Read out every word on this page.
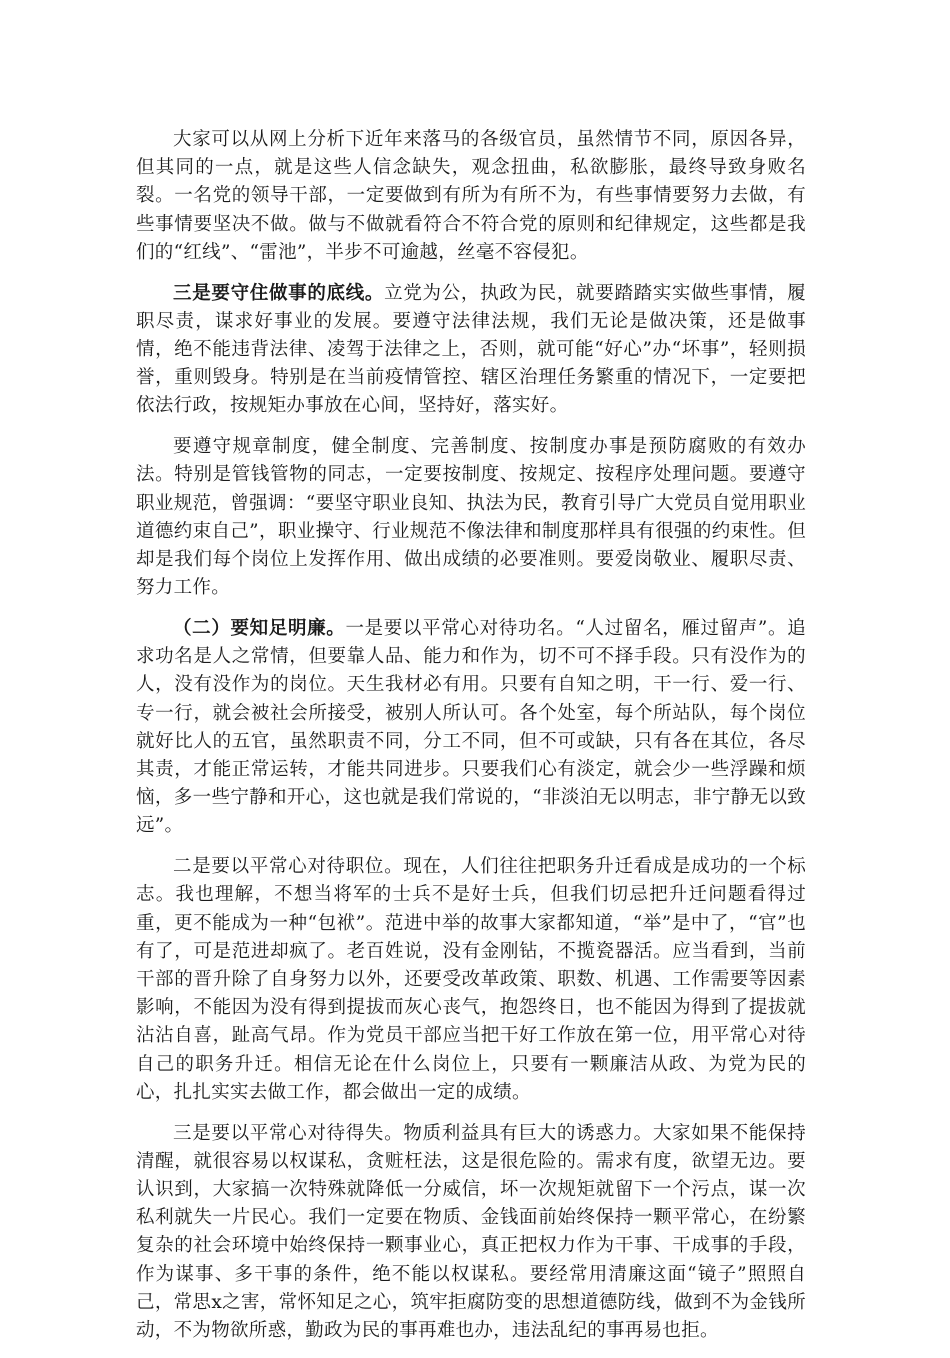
大家可以从网上分析下近年来落马的各级官员，虽然情节不同，原因各异，但其同的一点，就是这些人信念缺失，观念扭曲，私欲膨胀，最终导致身败名裂。一名党的领导干部，一定要做到有所为有所不为，有些事情要努力去做，有些事情要坚决不做。做与不做就看符合不符合党的原则和纪律规定，这些都是我们的“红线”、“雷池”，半步不可逾越，丝毫不容侵犯。

三是要守住做事的底线。立党为公，执政为民，就要踏踏实实做些事情，履职尽责，谋求好事业的发展。要遵守法律法规，我们无论是做决策，还是做事情，绝不能违背法律、凌驾于法律之上，否则，就可能“好心”办“坏事”，轻则损誉，重则毁身。特别是在当前疫情管控、辖区治理任务繁重的情况下，一定要把依法行政，按规矩办事放在心间，坚持好，落实好。

要遵守规章制度，健全制度、完善制度、按制度办事是预防腐败的有效办法。特别是管钱管物的同志，一定要按制度、按规定、按程序处理问题。要遵守职业规范，曾强调：“要坚守职业良知、执法为民，教育引导广大党员自觉用职业道德约束自己”，职业操守、行业规范不像法律和制度那样具有很强的约束性。但却是我们每个岗位上发挥作用、做出成绩的必要准则。要爱岗敬业、履职尽责、努力工作。

（二）要知足明廉。一是要以平常心对待功名。“人过留名，雁过留声”。追求功名是人之常情，但要靠人品、能力和作为，切不可不择手段。只有没作为的人，没有没作为的岗位。天生我材必有用。只要有自知之明，干一行、爱一行、专一行，就会被社会所接受，被别人所认可。各个处室，每个所站队，每个岗位就好比人的五官，虽然职责不同，分工不同，但不可或缺，只有各在其位，各尽其责，才能正常运转，才能共同进步。只要我们心有淡定，就会少一些浮躁和烦恼，多一些宁静和开心，这也就是我们常说的，“非淡泊无以明志，非宁静无以致远”。

二是要以平常心对待职位。现在，人们往往把职务升迁看成是成功的一个标志。我也理解，不想当将军的士兵不是好士兵，但我们切忌把升迁问题看得过重，更不能成为一种“包袱”。范进中举的故事大家都知道，“举”是中了，“官”也有了，可是范进却疯了。老百姓说，没有金刚钻，不揽瓷器活。应当看到，当前干部的晋升除了自身努力以外，还要受改革政策、职数、机遇、工作需要等因素影响，不能因为没有得到提拔而灰心丧气，抱怨终日，也不能因为得到了提拔就沾沾自喜，趾高气昂。作为党员干部应当把干好工作放在第一位，用平常心对待自己的职务升迁。相信无论在什么岗位上，只要有一颗廉洁从政、为党为民的心，扎扎实实去做工作，都会做出一定的成绩。

三是要以平常心对待得失。物质利益具有巨大的诱惑力。大家如果不能保持清醒，就很容易以权谋私，贪赃枉法，这是很危险的。需求有度，欲望无边。要认识到，大家搞一次特殊就降低一分威信，坏一次规矩就留下一个污点，谋一次私利就失一片民心。我们一定要在物质、金钱面前始终保持一颗平常心，在纷繁复杂的社会环境中始终保持一颗事业心，真正把权力作为干事、干成事的手段，作为谋事、多干事的条件，绝不能以权谋私。要经常用清廉这面“镜子”照照自己，常思x之害，常怀知足之心，筑牢拒腐防变的思想道德防线，做到不为金钱所动，不为物欲所惑，勤政为民的事再难也办，违法乱纪的事再易也拒。
